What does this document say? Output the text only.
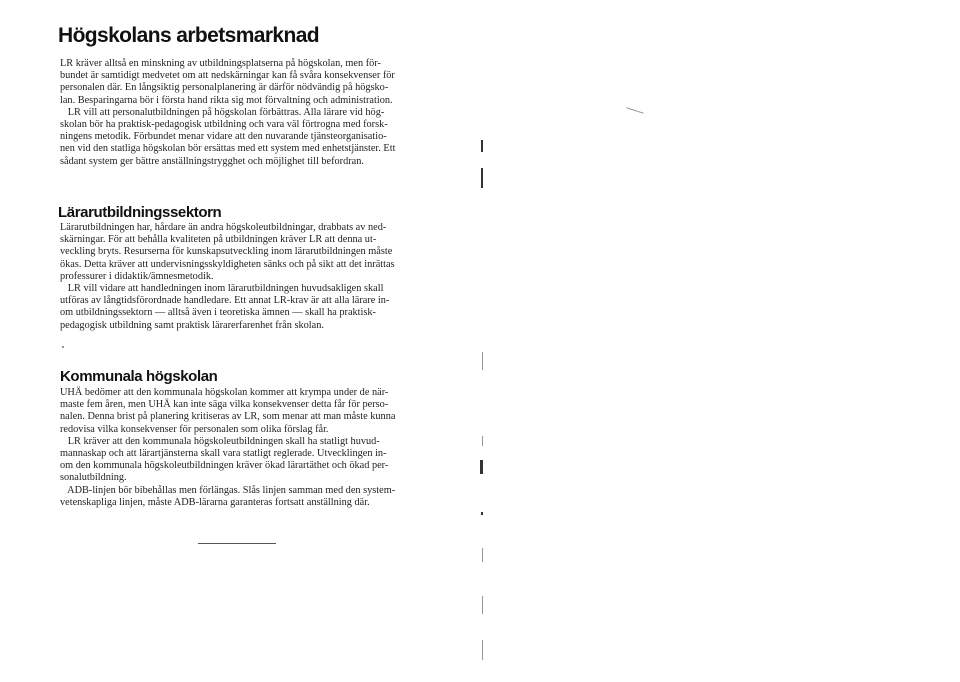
Högskolans arbetsmarknad
LR kräver alltså en minskning av utbildningsplatserna på högskolan, men för-
bundet är samtidigt medvetet om att nedskärningar kan få svåra konsekvenser för
personalen där. En långsiktig personalplanering är därför nödvändig på högsko-
lan. Besparingarna bör i första hand rikta sig mot förvaltning och administration.
LR vill att personalutbildningen på högskolan förbättras. Alla lärare vid hög-
skolan bör ha praktisk-pedagogisk utbildning och vara väl förtrogna med forsk-
ningens metodik. Förbundet menar vidare att den nuvarande tjänsteorganisatio-
nen vid den statliga högskolan bör ersättas med ett system med enhetstjänster. Ett
sådant system ger bättre anställningstrygghet och möjlighet till befordran.
Lärarutbildningssektorn
Lärarutbildningen har, hårdare än andra högskoleutbildningar, drabbats av ned-
skärningar. För att behålla kvaliteten på utbildningen kräver LR att denna ut-
veckling bryts. Resurserna för kunskapsutveckling inom lärarutbildningen måste
ökas. Detta kräver att undervisningsskyldigheten sänks och på sikt att det inrättas
professurer i didaktik/ämnesmetodik.
LR vill vidare att handledningen inom lärarutbildningen huvudsakligen skall
utföras av långtidsförordnade handledare. Ett annat LR-krav är att alla lärare in-
om utbildningssektorn — alltså även i teoretiska ämnen — skall ha praktisk-
pedagogisk utbildning samt praktisk lärarerfarenhet från skolan.
Kommunala högskolan
UHÄ bedömer att den kommunala högskolan kommer att krympa under de när-
maste fem åren, men UHÄ kan inte säga vilka konsekvenser detta får för perso-
nalen. Denna brist på planering kritiseras av LR, som menar att man måste kunna
redovisa vilka konsekvenser för personalen som olika förslag får.
LR kräver att den kommunala högskoleutbildningen skall ha statligt huvud-
mannaskap och att lärartjänsterna skall vara statligt reglerade. Utvecklingen in-
om den kommunala högskoleutbildningen kräver ökad lärartäthet och ökad per-
sonalutbildning.
ADB-linjen bör bibehållas men förlängas. Slås linjen samman med den system-
vetenskapliga linjen, måste ADB-lärarna garanteras fortsatt anställning där.
